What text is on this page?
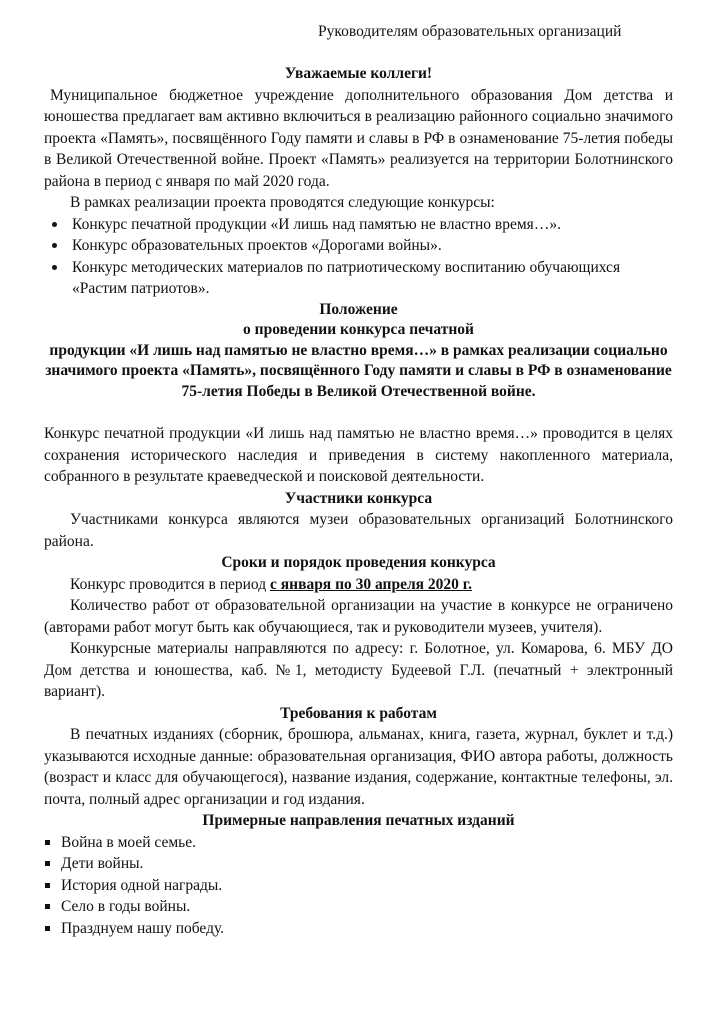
Руководителям образовательных организаций

Уважаемые коллеги!

Муниципальное бюджетное учреждение дополнительного образования Дом детства и юношества предлагает вам активно включиться в реализацию районного социально значимого проекта «Память», посвящённого Году памяти и славы в РФ в ознаменование 75-летия победы в Великой Отечественной войне. Проект «Память» реализуется на территории Болотнинского района в период с января по май 2020 года.

В рамках реализации проекта проводятся следующие конкурсы:

Конкурс печатной продукции «И лишь над памятью не властно время…».
Конкурс образовательных проектов «Дорогами войны».
Конкурс методических материалов по патриотическому воспитанию обучающихся «Растим патриотов».

Положение

о проведении конкурса печатной

продукции «И лишь над памятью не властно время…» в рамках реализации социально значимого проекта «Память», посвящённого Году памяти и славы в РФ в ознаменование 75-летия Победы в Великой Отечественной войне.

Конкурс печатной продукции «И лишь над памятью не властно время…» проводится в целях сохранения исторического наследия и приведения в систему накопленного материала, собранного в результате краеведческой и поисковой деятельности.

Участники конкурса

Участниками конкурса являются музеи образовательных организаций Болотнинского района.

Сроки и порядок проведения конкурса

Конкурс проводится в период с января по 30 апреля 2020 г.

Количество работ от образовательной организации на участие в конкурсе не ограничено (авторами работ могут быть как обучающиеся, так и руководители музеев, учителя).

Конкурсные материалы направляются по адресу: г. Болотное, ул. Комарова, 6. МБУ ДО Дом детства и юношества, каб. №1, методисту Будеевой Г.Л. (печатный + электронный вариант).

Требования к работам

В печатных изданиях (сборник, брошюра, альманах, книга, газета, журнал, буклет и т.д.) указываются исходные данные: образовательная организация, ФИО автора работы, должность (возраст и класс для обучающегося), название издания, содержание, контактные телефоны, эл. почта, полный адрес организации и год издания.

Примерные направления печатных изданий

Война в моей семье.
Дети войны.
История одной награды.
Село в годы войны.
Празднуем нашу победу.
